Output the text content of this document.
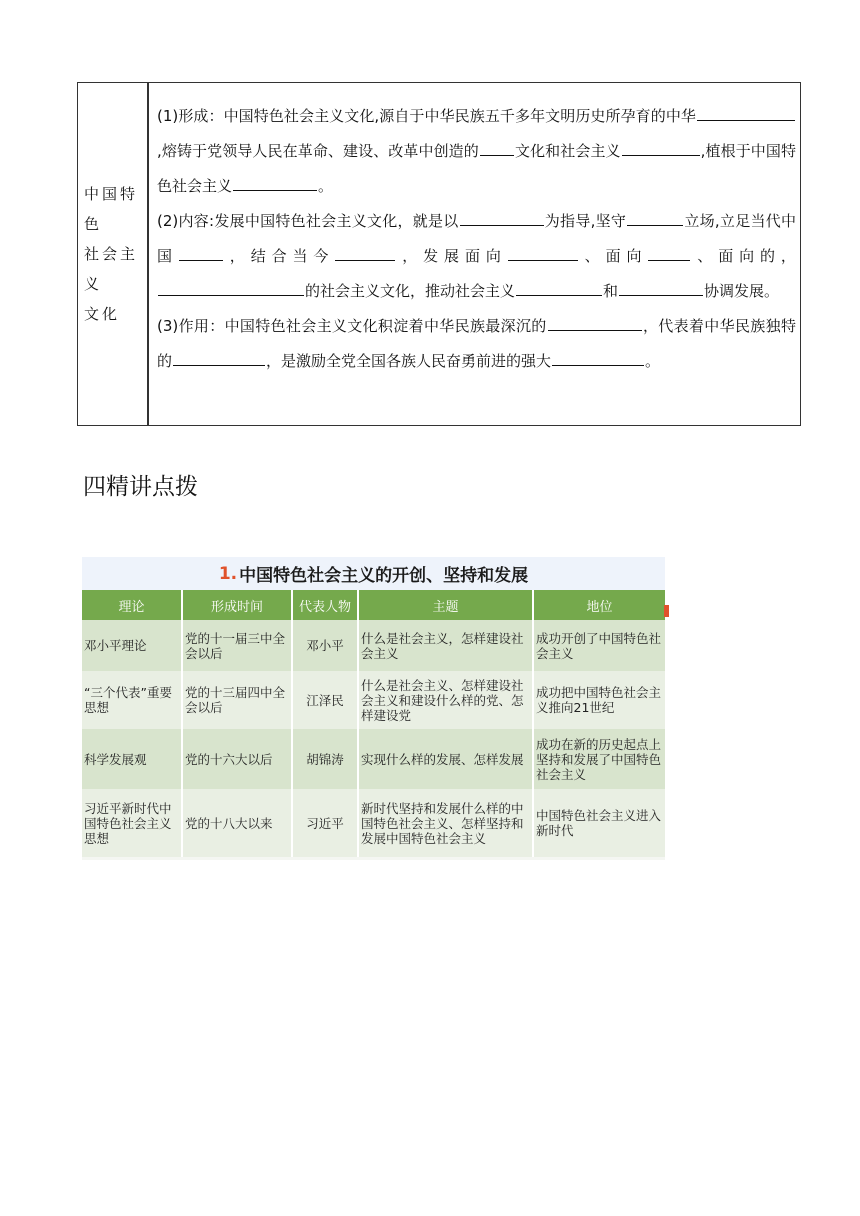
中国特
色
社会主
义
文化

(1)形成：中国特色社会主义文化,源自于中华民族五千多年文明历史所孕育的中华,熔铸于党领导人民在革命、建设、改革中创造的 文化和社会主义	,植根于中国特色社会主义	。

(2)内容:发展中国特色社会主义文化，就是以	为指导,坚守	立场,立足当代中国	，结合当今	，发展面向	、面向	、面向的，的社会主义文化，推动社会主义	和	协调发展。

(3)作用：中国特色社会主义文化积淀着中华民族最深沉的	，代表着中华民族独特的	，是激励全党全国各族人民奋勇前进的强大	。

四精讲点拨
1. 中国特色社会主义的开创、坚持和发展
理论	形成时间	代表人物	主题	地位
邓小平理论	党的十一届三中全会以后	邓小平	什么是社会主义，怎样建设社会主义	成功开创了中国特色社会主义
“三个代表”重要思想	党的十三届四中全会以后	江泽民	什么是社会主义、怎样建设社会主义和建设什么样的党、怎样建设党	成功把中国特色社会主义推向21世纪
科学发展观	党的十六大以后	胡锦涛	实现什么样的发展、怎样发展	成功在新的历史起点上坚持和发展了中国特色社会主义
习近平新时代中国特色社会主义思想	党的十八大以来	习近平	新时代坚持和发展什么样的中国特色社会主义、怎样坚持和发展中国特色社会主义	中国特色社会主义进入新时代
